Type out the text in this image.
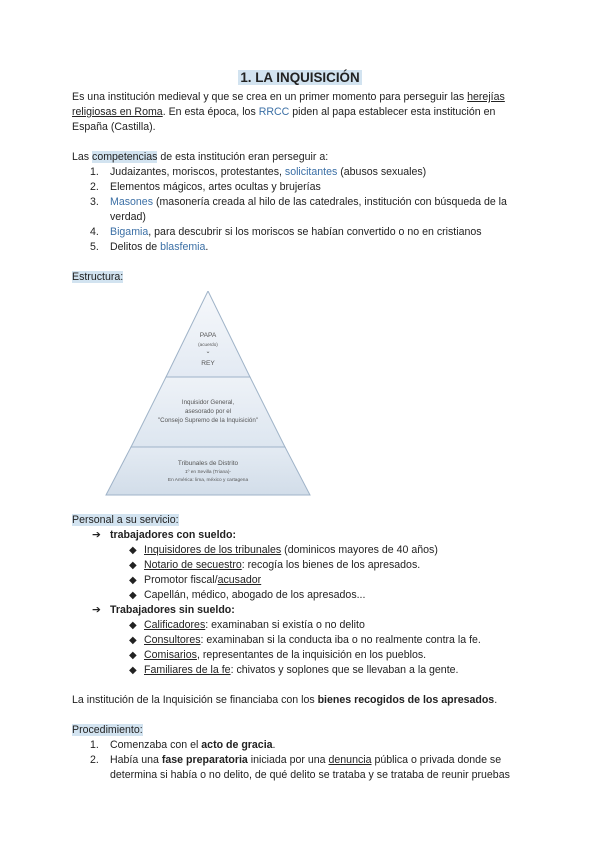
1. LA INQUISICIÓN

Es una institución medieval y que se crea en un primer momento para perseguir las herejías religiosas en Roma. En esta época, los RRCC piden al papa establecer esta institución en España (Castilla).

Las competencias de esta institución eran perseguir a:

1. Judaizantes, moriscos, protestantes, solicitantes (abusos sexuales)
2. Elementos mágicos, artes ocultas y brujerías
3. Masones (masonería creada al hilo de las catedrales, institución con búsqueda de la verdad)
4. Bigamia, para descubrir si los moriscos se habían convertido o no en cristianos
5. Delitos de blasfemia.

Estructura:

PAPA
(acuerdo)
⌄
REY
Inquisidor General,
asesorado por el
"Consejo Supremo de la Inquisición"
Tribunales de Distrito
1º en Sevilla (Triana)-
En América: lima, méxico y cartagena

Personal a su servicio:

➔ trabajadores con sueldo:
◆ Inquisidores de los tribunales (dominicos mayores de 40 años)
◆ Notario de secuestro: recogía los bienes de los apresados.
◆ Promotor fiscal/acusador
◆ Capellán, médico, abogado de los apresados...
➔ Trabajadores sin sueldo:
◆ Calificadores: examinaban si existía o no delito
◆ Consultores: examinaban si la conducta iba o no realmente contra la fe.
◆ Comisarios, representantes de la inquisición en los pueblos.
◆ Familiares de la fe: chivatos y soplones que se llevaban a la gente.

La institución de la Inquisición se financiaba con los bienes recogidos de los apresados.

Procedimiento:

1. Comenzaba con el acto de gracia.
2. Había una fase preparatoria iniciada por una denuncia pública o privada donde se determina si había o no delito, de qué delito se trataba y se trataba de reunir pruebas
